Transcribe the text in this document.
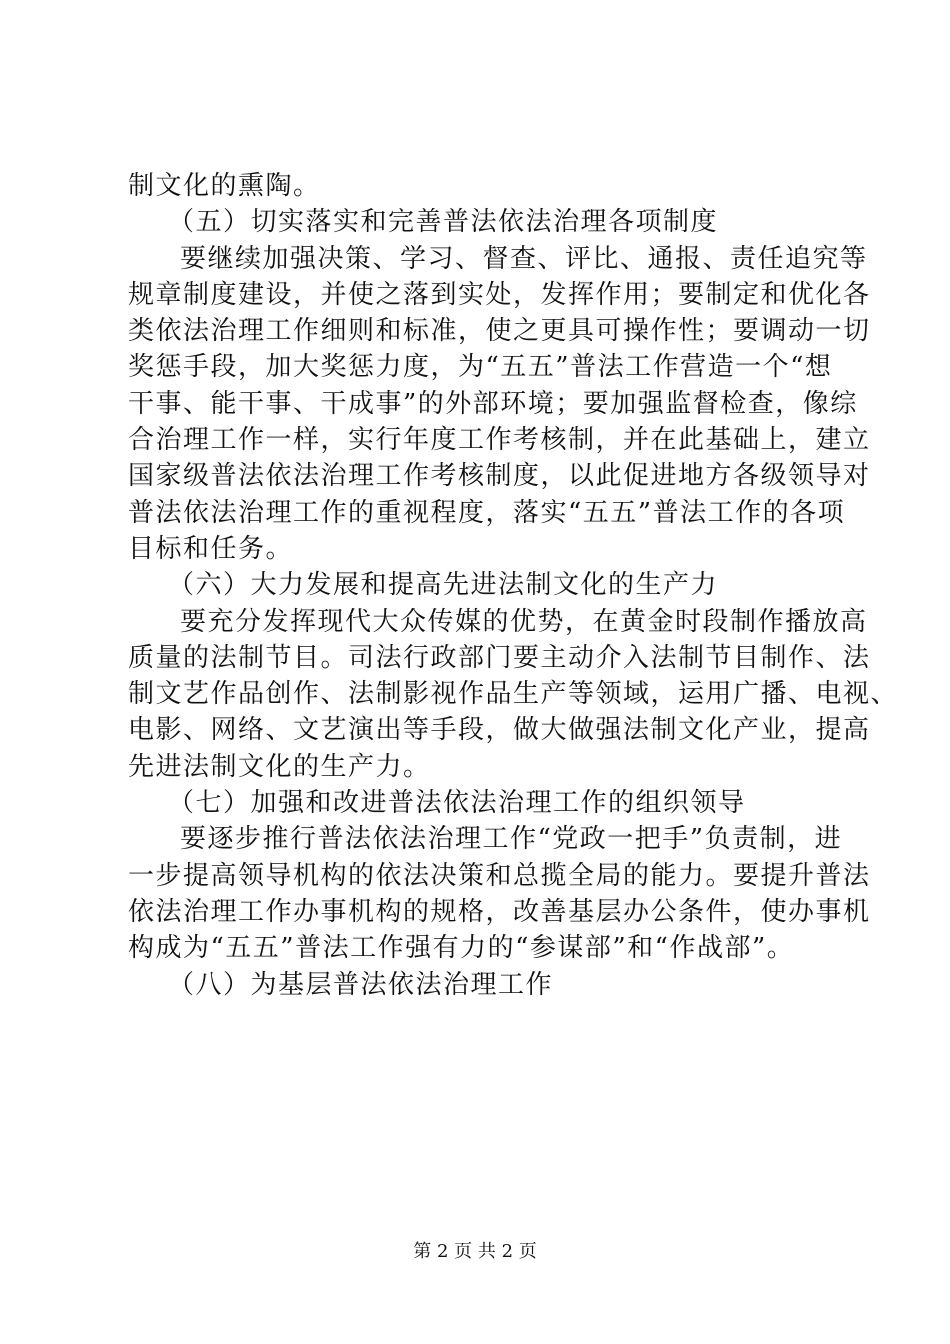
制文化的熏陶。
（五）切实落实和完善普法依法治理各项制度
要继续加强决策、学习、督查、评比、通报、责任追究等
规章制度建设，并使之落到实处，发挥作用；要制定和优化各
类依法治理工作细则和标准，使之更具可操作性；要调动一切
奖惩手段，加大奖惩力度，为“五五”普法工作营造一个“想
干事、能干事、干成事”的外部环境；要加强监督检查，像综
合治理工作一样，实行年度工作考核制，并在此基础上，建立
国家级普法依法治理工作考核制度，以此促进地方各级领导对
普法依法治理工作的重视程度，落实“五五”普法工作的各项
目标和任务。
（六）大力发展和提高先进法制文化的生产力
要充分发挥现代大众传媒的优势，在黄金时段制作播放高
质量的法制节目。司法行政部门要主动介入法制节目制作、法
制文艺作品创作、法制影视作品生产等领域，运用广播、电视、
电影、网络、文艺演出等手段，做大做强法制文化产业，提高
先进法制文化的生产力。
（七）加强和改进普法依法治理工作的组织领导
要逐步推行普法依法治理工作“党政一把手”负责制，进
一步提高领导机构的依法决策和总揽全局的能力。要提升普法
依法治理工作办事机构的规格，改善基层办公条件，使办事机
构成为“五五”普法工作强有力的“参谋部”和“作战部”。
（八）为基层普法依法治理工作
第 2 页 共 2 页
